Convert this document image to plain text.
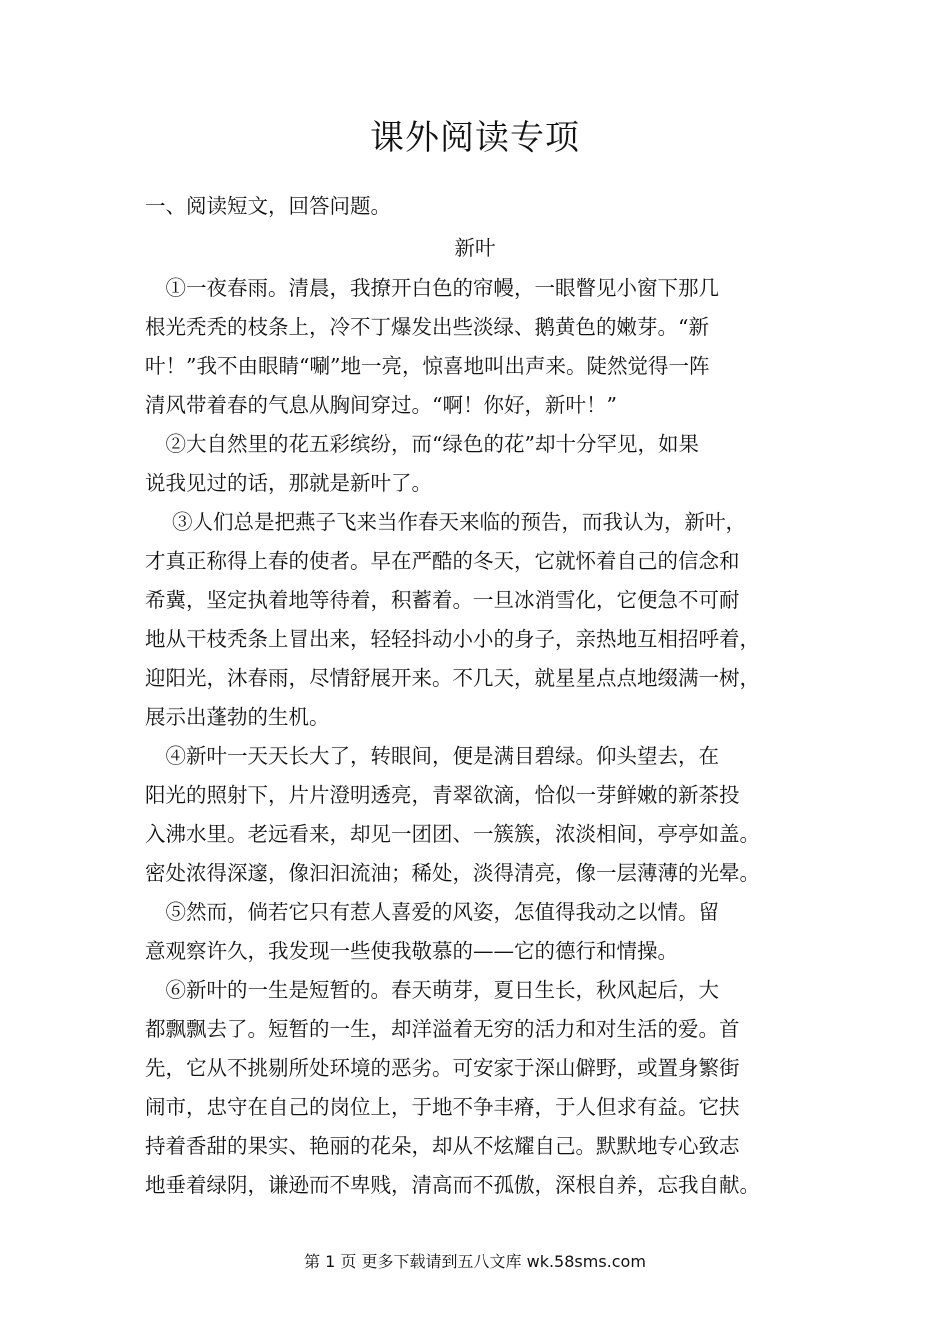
课外阅读专项
一、阅读短文，回答问题。
新叶
　①一夜春雨。清晨，我撩开白色的帘幔，一眼瞥见小窗下那几
根光秃秃的枝条上，冷不丁爆发出些淡绿、鹅黄色的嫩芽。“新
叶！”我不由眼睛“唰”地一亮，惊喜地叫出声来。陡然觉得一阵
清风带着春的气息从胸间穿过。“啊！你好，新叶！”
　②大自然里的花五彩缤纷，而“绿色的花”却十分罕见，如果
说我见过的话，那就是新叶了。
　 ③人们总是把燕子飞来当作春天来临的预告，而我认为，新叶，
才真正称得上春的使者。早在严酷的冬天，它就怀着自己的信念和
希冀，坚定执着地等待着，积蓄着。一旦冰消雪化，它便急不可耐
地从干枝秃条上冒出来，轻轻抖动小小的身子，亲热地互相招呼着，
迎阳光，沐春雨，尽情舒展开来。不几天，就星星点点地缀满一树，
展示出蓬勃的生机。
　④新叶一天天长大了，转眼间，便是满目碧绿。仰头望去，在
阳光的照射下，片片澄明透亮，青翠欲滴，恰似一芽鲜嫩的新茶投
入沸水里。老远看来，却见一团团、一簇簇，浓淡相间，亭亭如盖。
密处浓得深邃，像汩汩流油；稀处，淡得清亮，像一层薄薄的光晕。
　⑤然而，倘若它只有惹人喜爱的风姿，怎值得我动之以情。留
意观察许久，我发现一些使我敬慕的——它的德行和情操。
　⑥新叶的一生是短暂的。春天萌芽，夏日生长，秋风起后，大
都飘飘去了。短暂的一生，却洋溢着无穷的活力和对生活的爱。首
先，它从不挑剔所处环境的恶劣。可安家于深山僻野，或置身繁街
闹市，忠守在自己的岗位上，于地不争丰瘠，于人但求有益。它扶
持着香甜的果实、艳丽的花朵，却从不炫耀自己。默默地专心致志
地垂着绿阴，谦逊而不卑贱，清高而不孤傲，深根自养，忘我自献。
第 1 页 更多下载请到五八文库 wk.58sms.com
